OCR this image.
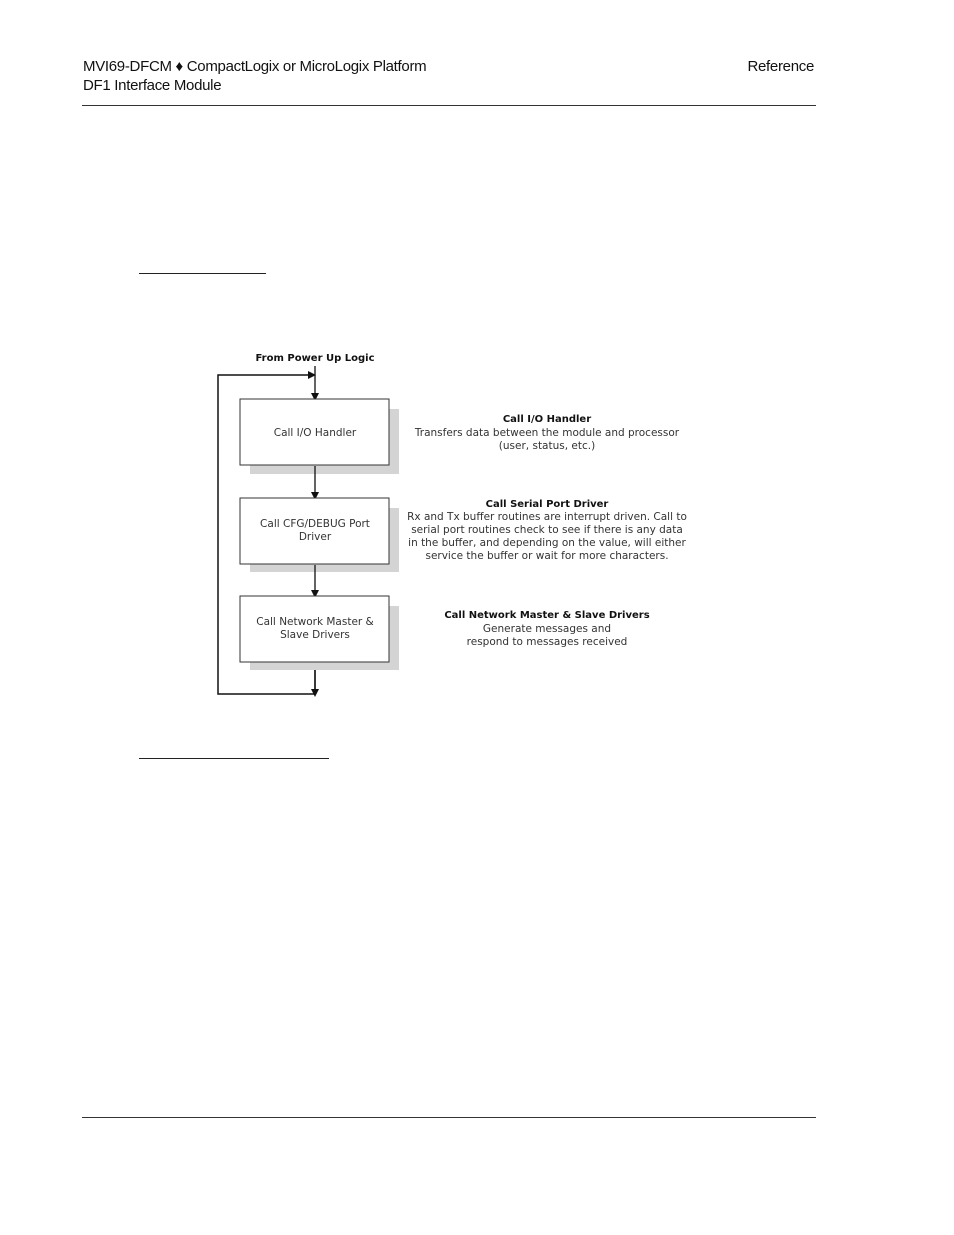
MVI69-DFCM ♦ CompactLogix or MicroLogix Platform
DF1 Interface Module
Reference
From Power Up Logic
Call I/O Handler
Call CFG/DEBUG Port
Driver
Call Network Master &
Slave Drivers
Call I/O Handler
Transfers data between the module and processor
(user, status, etc.)
Call Serial Port Driver
Rx and Tx buffer routines are interrupt driven. Call to
serial port routines check to see if there is any data
in the buffer, and depending on the value, will either
service the buffer or wait for more characters.
Call Network Master & Slave Drivers
Generate messages and
respond to messages received
